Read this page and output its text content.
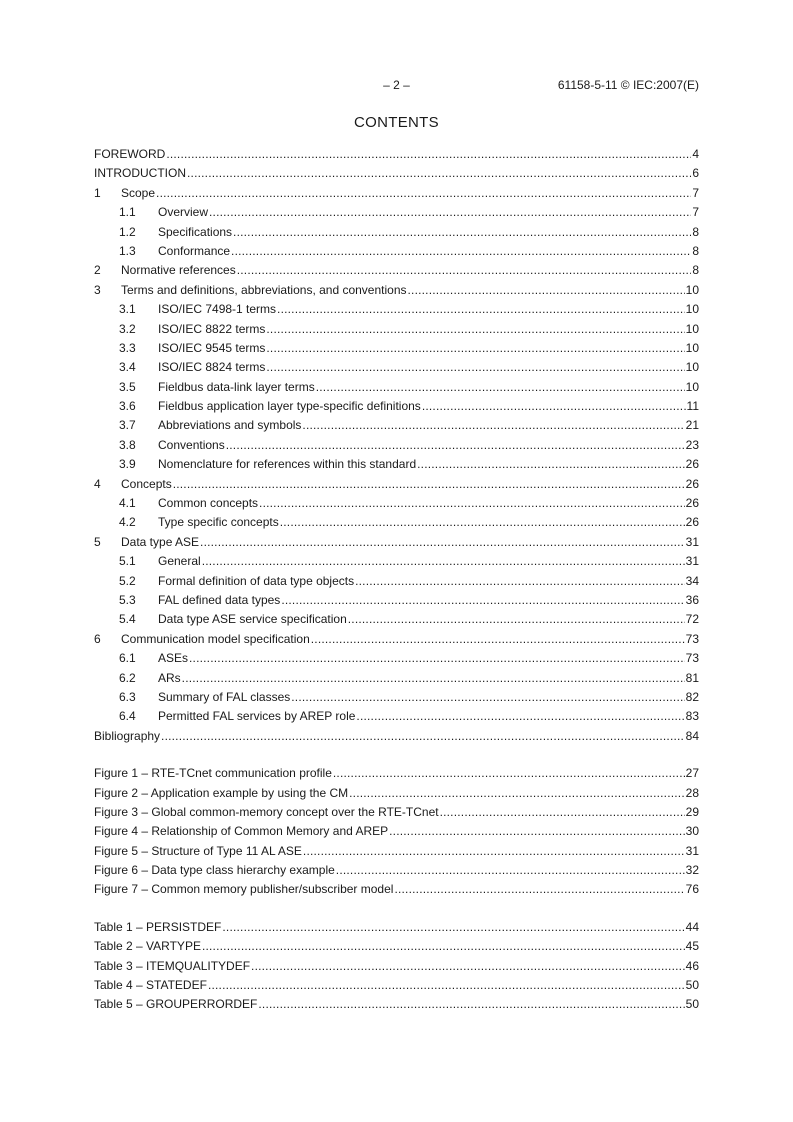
– 2 –	61158-5-11 © IEC:2007(E)
CONTENTS
FOREWORD .....	4
INTRODUCTION .....	6
1	Scope .....	7
1.1	Overview .....	7
1.2	Specifications .....	8
1.3	Conformance .....	8
2	Normative references .....	8
3	Terms and definitions, abbreviations, and conventions .....	10
3.1	ISO/IEC 7498-1 terms .....	10
3.2	ISO/IEC 8822 terms .....	10
3.3	ISO/IEC 9545 terms .....	10
3.4	ISO/IEC 8824 terms .....	10
3.5	Fieldbus data-link layer terms .....	10
3.6	Fieldbus application layer type-specific definitions .....	11
3.7	Abbreviations and symbols .....	21
3.8	Conventions .....	23
3.9	Nomenclature for references within this standard .....	26
4	Concepts .....	26
4.1	Common concepts .....	26
4.2	Type specific concepts .....	26
5	Data type ASE .....	31
5.1	General .....	31
5.2	Formal definition of data type objects .....	34
5.3	FAL defined data types .....	36
5.4	Data type ASE service specification .....	72
6	Communication model specification .....	73
6.1	ASEs .....	73
6.2	ARs .....	81
6.3	Summary of FAL classes .....	82
6.4	Permitted FAL services by AREP role .....	83
Bibliography .....	84
Figure 1 – RTE-TCnet communication profile .....	27
Figure 2 – Application example by using the CM .....	28
Figure 3 – Global common-memory concept over the RTE-TCnet .....	29
Figure 4 – Relationship of Common Memory and AREP .....	30
Figure 5 – Structure of Type 11 AL ASE .....	31
Figure 6 – Data type class hierarchy example .....	32
Figure 7 – Common memory publisher/subscriber model .....	76
Table 1 – PERSISTDEF .....	44
Table 2 – VARTYPE .....	45
Table 3 – ITEMQUALITYDEF .....	46
Table 4 – STATEDEF .....	50
Table 5 – GROUPERRORDEF .....	50
